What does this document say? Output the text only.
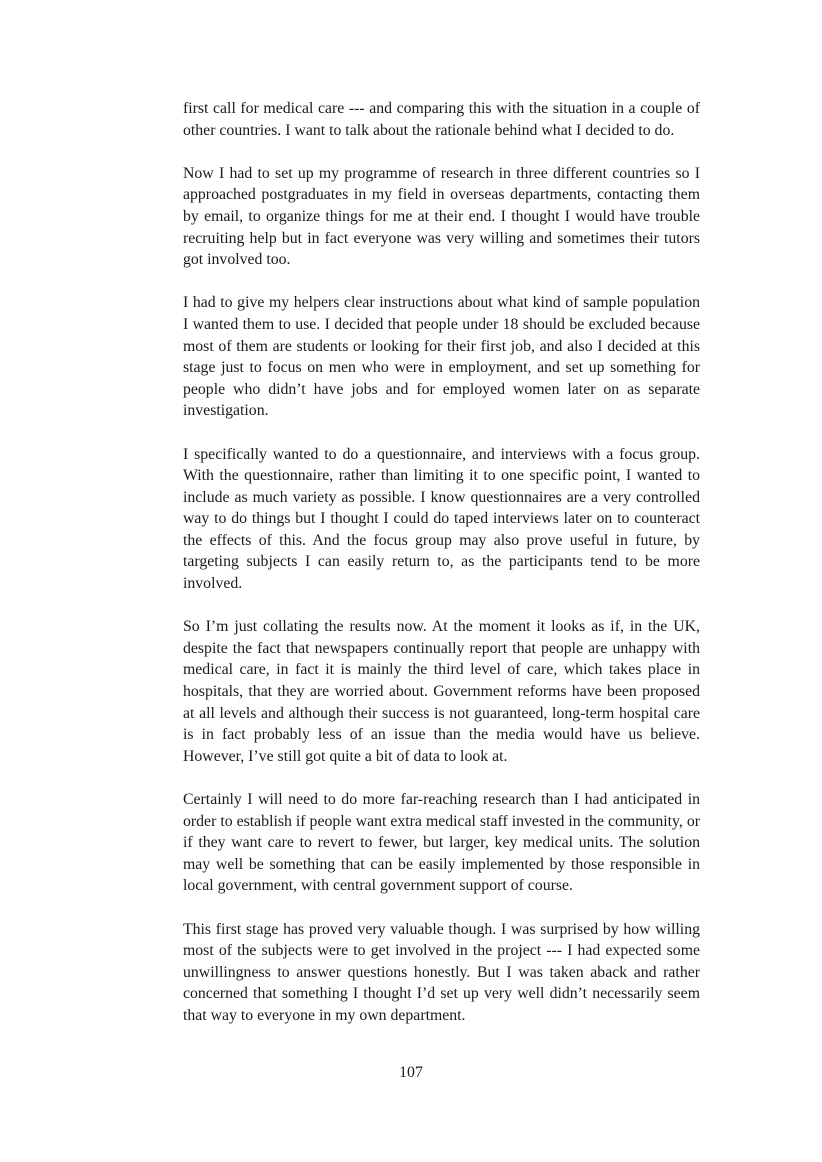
first call for medical care --- and comparing this with the situation in a couple of other countries. I want to talk about the rationale behind what I decided to do.

Now I had to set up my programme of research in three different countries so I approached postgraduates in my field in overseas departments, contacting them by email, to organize things for me at their end. I thought I would have trouble recruiting help but in fact everyone was very willing and sometimes their tutors got involved too.

I had to give my helpers clear instructions about what kind of sample population I wanted them to use. I decided that people under 18 should be excluded because most of them are students or looking for their first job, and also I decided at this stage just to focus on men who were in employment, and set up something for people who didn’t have jobs and for employed women later on as separate investigation.

I specifically wanted to do a questionnaire, and interviews with a focus group. With the questionnaire, rather than limiting it to one specific point, I wanted to include as much variety as possible. I know questionnaires are a very controlled way to do things but I thought I could do taped interviews later on to counteract the effects of this. And the focus group may also prove useful in future, by targeting subjects I can easily return to, as the participants tend to be more involved.

So I’m just collating the results now. At the moment it looks as if, in the UK, despite the fact that newspapers continually report that people are unhappy with medical care, in fact it is mainly the third level of care, which takes place in hospitals, that they are worried about. Government reforms have been proposed at all levels and although their success is not guaranteed, long-term hospital care is in fact probably less of an issue than the media would have us believe. However, I’ve still got quite a bit of data to look at.

Certainly I will need to do more far-reaching research than I had anticipated in order to establish if people want extra medical staff invested in the community, or if they want care to revert to fewer, but larger, key medical units. The solution may well be something that can be easily implemented by those responsible in local government, with central government support of course.

This first stage has proved very valuable though. I was surprised by how willing most of the subjects were to get involved in the project --- I had expected some unwillingness to answer questions honestly. But I was taken aback and rather concerned that something I thought I’d set up very well didn’t necessarily seem that way to everyone in my own department.

107
